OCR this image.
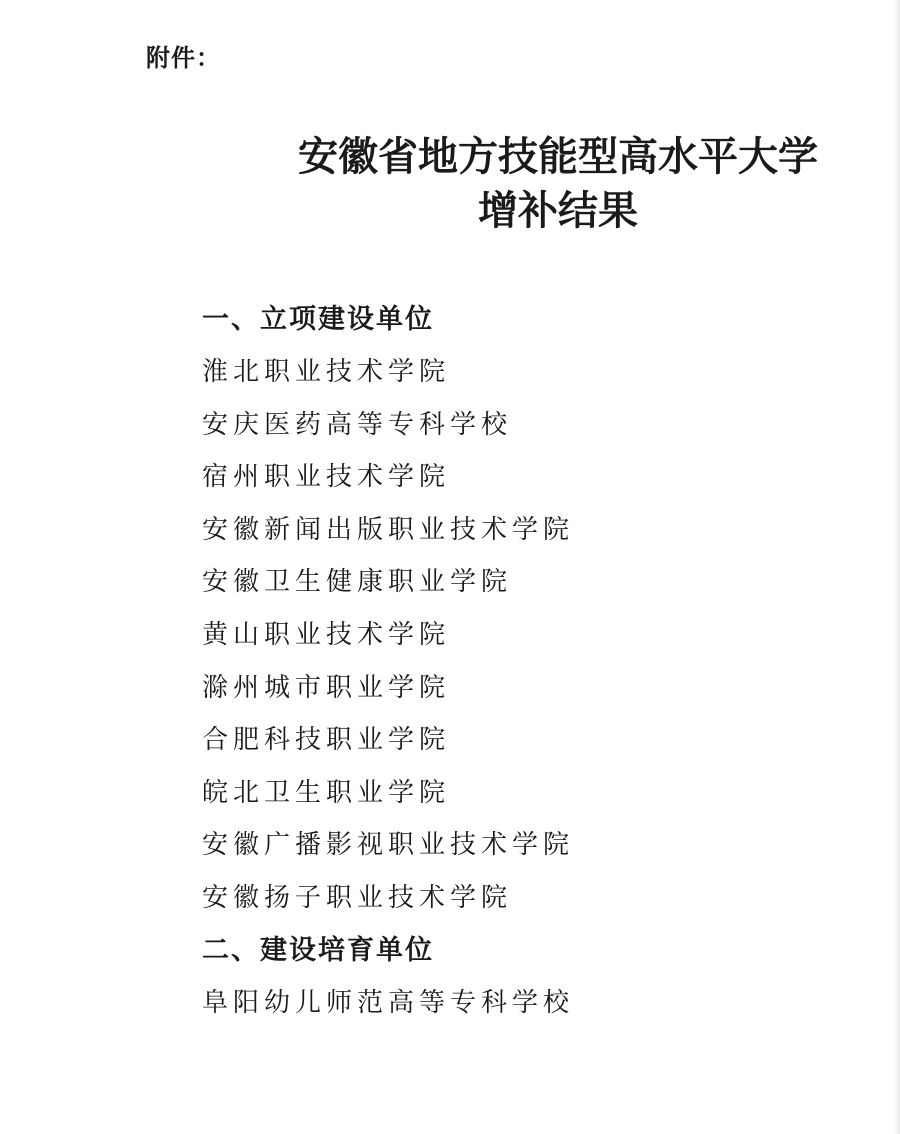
附件：
安徽省地方技能型高水平大学
增补结果
一、立项建设单位
淮北职业技术学院
安庆医药高等专科学校
宿州职业技术学院
安徽新闻出版职业技术学院
安徽卫生健康职业学院
黄山职业技术学院
滁州城市职业学院
合肥科技职业学院
皖北卫生职业学院
安徽广播影视职业技术学院
安徽扬子职业技术学院
二、建设培育单位
阜阳幼儿师范高等专科学校
